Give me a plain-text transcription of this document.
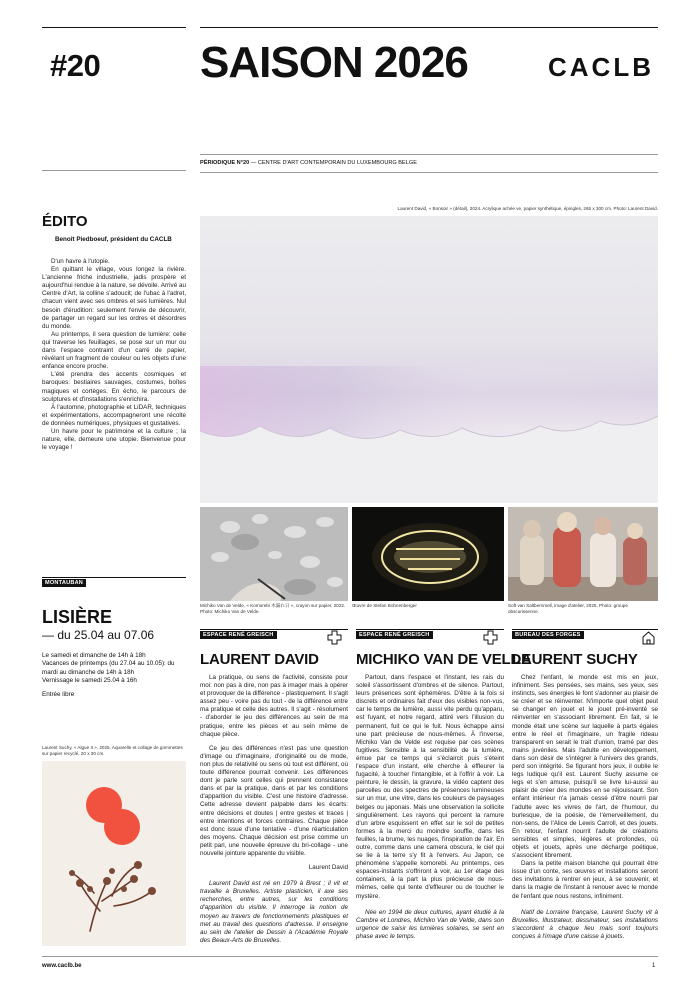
#20 SAISON 2026	CACLB
PÉRIODIQUE N°20 — CENTRE D'ART CONTEMPORAIN DU LUXEMBOURG BELGE
Laurent David, « Bonsoir » (détail), 2024. Acrylique achée ve, papier synthétique, épingles, 265 x 300 cm. Photo: Laurent David.
ÉDITO
Benoît Piedboeuf, président du CACLB

D'un havre à l'utopie.

En quittant le village, vous longez la rivière. L'ancienne friche industrielle, jadis prospère et aujourd'hui rendue à la nature, se dévoile. Arrivé au Centre d'Art, la colline s'adoucit; de l'ubac à l'adret, chacun vient avec ses ombres et ses lumières. Nul besoin d'érudition: seulement l'envie de découvrir, de partager un regard sur les ordres et désordres du monde.

Au printemps, il sera question de lumière: celle qui traverse les feuillages, se pose sur un mur ou dans l'espace contraint d'un carré de papier, révélant un fragment de couleur ou les objets d'une enfance encore proche.

L'été prendra des accents cosmiques et baroques: bestiaires sauvages, costumes, boîtes magiques et cortèges. En écho, le parcours de sculptures et d'installations s'enrichira.

À l'automne, photographie et LiDAR, techniques et expérimentations, accompagneront une récolte de données numériques, physiques et gustatives.

Un havre pour le patrimoine et la culture ; la nature, elle, demeure une utopie. Bienvenue pour le voyage !

Michiko Van de Velde, « Komorebi 木漏れ日 », crayon sur papier, 2022. Photo: Michiko Van de Velde.
Œuvre de Stefan Bohnenberger	Soft van Saltbernmell, image d'atelier, 2025. Photo: groupe obscurissenne.
MONTAUBAN
LISIÈRE
— du 25.04 au 07.06
Le samedi et dimanche de 14h à 18h
Vacances de printemps (du 27.04 au 10.05): du mardi au dimanche de 14h à 18h
Vernissage le samedi 25.04 à 16h
Entrée libre
Laurent Suchy, « Algue II », 2025. Aquarelle et collage de gommettes sur papier recyclé, 20 x 30 cm.
ESPACE RENÉ GREISCH
LAURENT DAVID

La pratique, ou sens de l'activité, consiste pour moi: non pas à dire, non pas à imager mais à opérer et provoquer de la différence - plastiquement. Il s'agit assez peu - voire pas du tout - de la différence entre ma pratique et celle des autres. Il s'agit - résolument - d'aborder le jeu des différences au sein de ma pratique, entre les pièces et au sein même de chaque pièce.

Ce jeu des différences n'est pas une question d'image ou d'imaginaire, d'originalité ou de mode, non plus de relativité ou sens où tout est différent, où toute différence pourrait convenir. Les différences dont je parle sont celles qui prennent consistance dans et par la pratique, dans et par les conditions d'apparition du visible. C'est une histoire d'adresse. Cette adresse devient palpable dans les écarts: entre décisions et doutes | entre gestes et traces | entre intentions et forces contraires. Chaque pièce est donc issue d'une tentative - d'une réarticulation des moyens. Chaque décision est prise comme un petit pari, une nouvelle épreuve du bri-collage - une nouvelle jointure apparente du visible.

Laurent David

Laurent David est né en 1979 à Brest ; il vit et travaille à Bruxelles. Artiste plasticien, il axe ses recherches, entre autres, sur les conditions d'apparition du visible. Il interroge la notion de moyen au travers de fonctionnements plastiques et met au travail des questions d'adresse. Il enseigne au sein de l'atelier de Dessin à l'Académie Royale des Beaux-Arts de Bruxelles.

ESPACE RENÉ GREISCH
MICHIKO VAN DE VELDE

Partout, dans l'espace et l'instant, les rais du soleil s'assortissent d'ombres et de silence. Partout, leurs présences sont éphémères. D'être à la fois si discrets et ordinaires fait d'eux des visibles non-vus, car le temps de lumière, aussi vite perdu qu'apparu, est fuyant, et notre regard, attiré vers l'illusion du permanent, fuit ce qui le fuit. Nous échappe ainsi une part précieuse de nous-mêmes. À l'inverse, Michiko Van de Velde est requise par ces scènes fugitives. Sensible à la sensibilité de la lumière, émue par ce temps qui s'éclaircit puis s'éteint l'espace d'un instant, elle cherche à effleurer la fugacité, à toucher l'intangible, et à l'offrir à voir. La peinture, le dessin, la gravure, la vidéo captent des parcelles ou des spectres de présences lumineuses sur un mur, une vitre, dans les couleurs de paysages belges ou japonais. Mais une observation la sollicite singulièrement. Les rayons qui percent la ramure d'un arbre esquissent en effet sur le sol de petites formes à la merci du moindre souffle, dans les feuilles, la brume, les nuages, l'inspiration de l'air. En outre, comme dans une camera obscura, le ciel qui se lie à la terre s'y fit à l'envers. Au Japon, ce phénomène s'appelle komorebi. Au printemps, ces espaces-instants s'offriront à voir, au 1er étage des containers, à la part la plus précieuse de nous-mêmes, celle qui tente d'effleurer ou de toucher le mystère.

Née en 1994 de deux cultures, ayant étudié à la Cambre et Londres, Michiko Van de Velde, dans son urgence de saisir les lumières solaires, se sent en phase avec le temps.

BUREAU DES FORGES
LAURENT SUCHY

Chez l'enfant, le monde est mis en jeux, infiniment. Ses pensées, ses mains, ses yeux, ses instincts, ses énergies le font s'adonner au plaisir de se créer et se réinventer. N'importe quel objet peut se changer en jouet et le jouet pré-inventé se réinventer en s'associant librement. En fait, si le monde était une scène sur laquelle à parts égales entre le réel et l'imaginaire, un fragile rideau transparent en serait le trait d'union, tramé par des mains juvéniles. Mais l'adulte en développement, dans son désir de s'intégrer à l'univers des grands, perd son intégrité. Se figurant hors jeux, il oublie le legs ludique qu'il est. Laurent Suchy assume ce legs et s'en amuse, puisqu'il se livre lui-aussi au plaisir de créer des mondes en se réjouissant. Son enfant intérieur n'a jamais cessé d'être nourri par l'adulte avec les vivres de l'art, de l'humour, du burlesque, de la poésie, de l'émerveillement, du non-sens, de l'Alice de Lewis Carroll, et des jouets. En retour, l'enfant nourrit l'adulte de créations sensibles et simples, légères et profondes, où objets et jouets, après une décharge poétique, s'associent librement.

Dans la petite maison blanche qui pourrait être issue d'un conte, ses œuvres et installations seront des invitations à rentrer en jeux, à se souvenir, et dans la magie de l'instant à renouer avec le monde de l'enfant que nous restons, infiniment.

Natif de Lorraine française, Laurent Suchy vit à Bruxelles. Illustrateur, dessinateur, ses installations s'accordent à chaque lieu mais sont toujours conçues à l'image d'une caisse à jouets.

www.caclb.be	1
